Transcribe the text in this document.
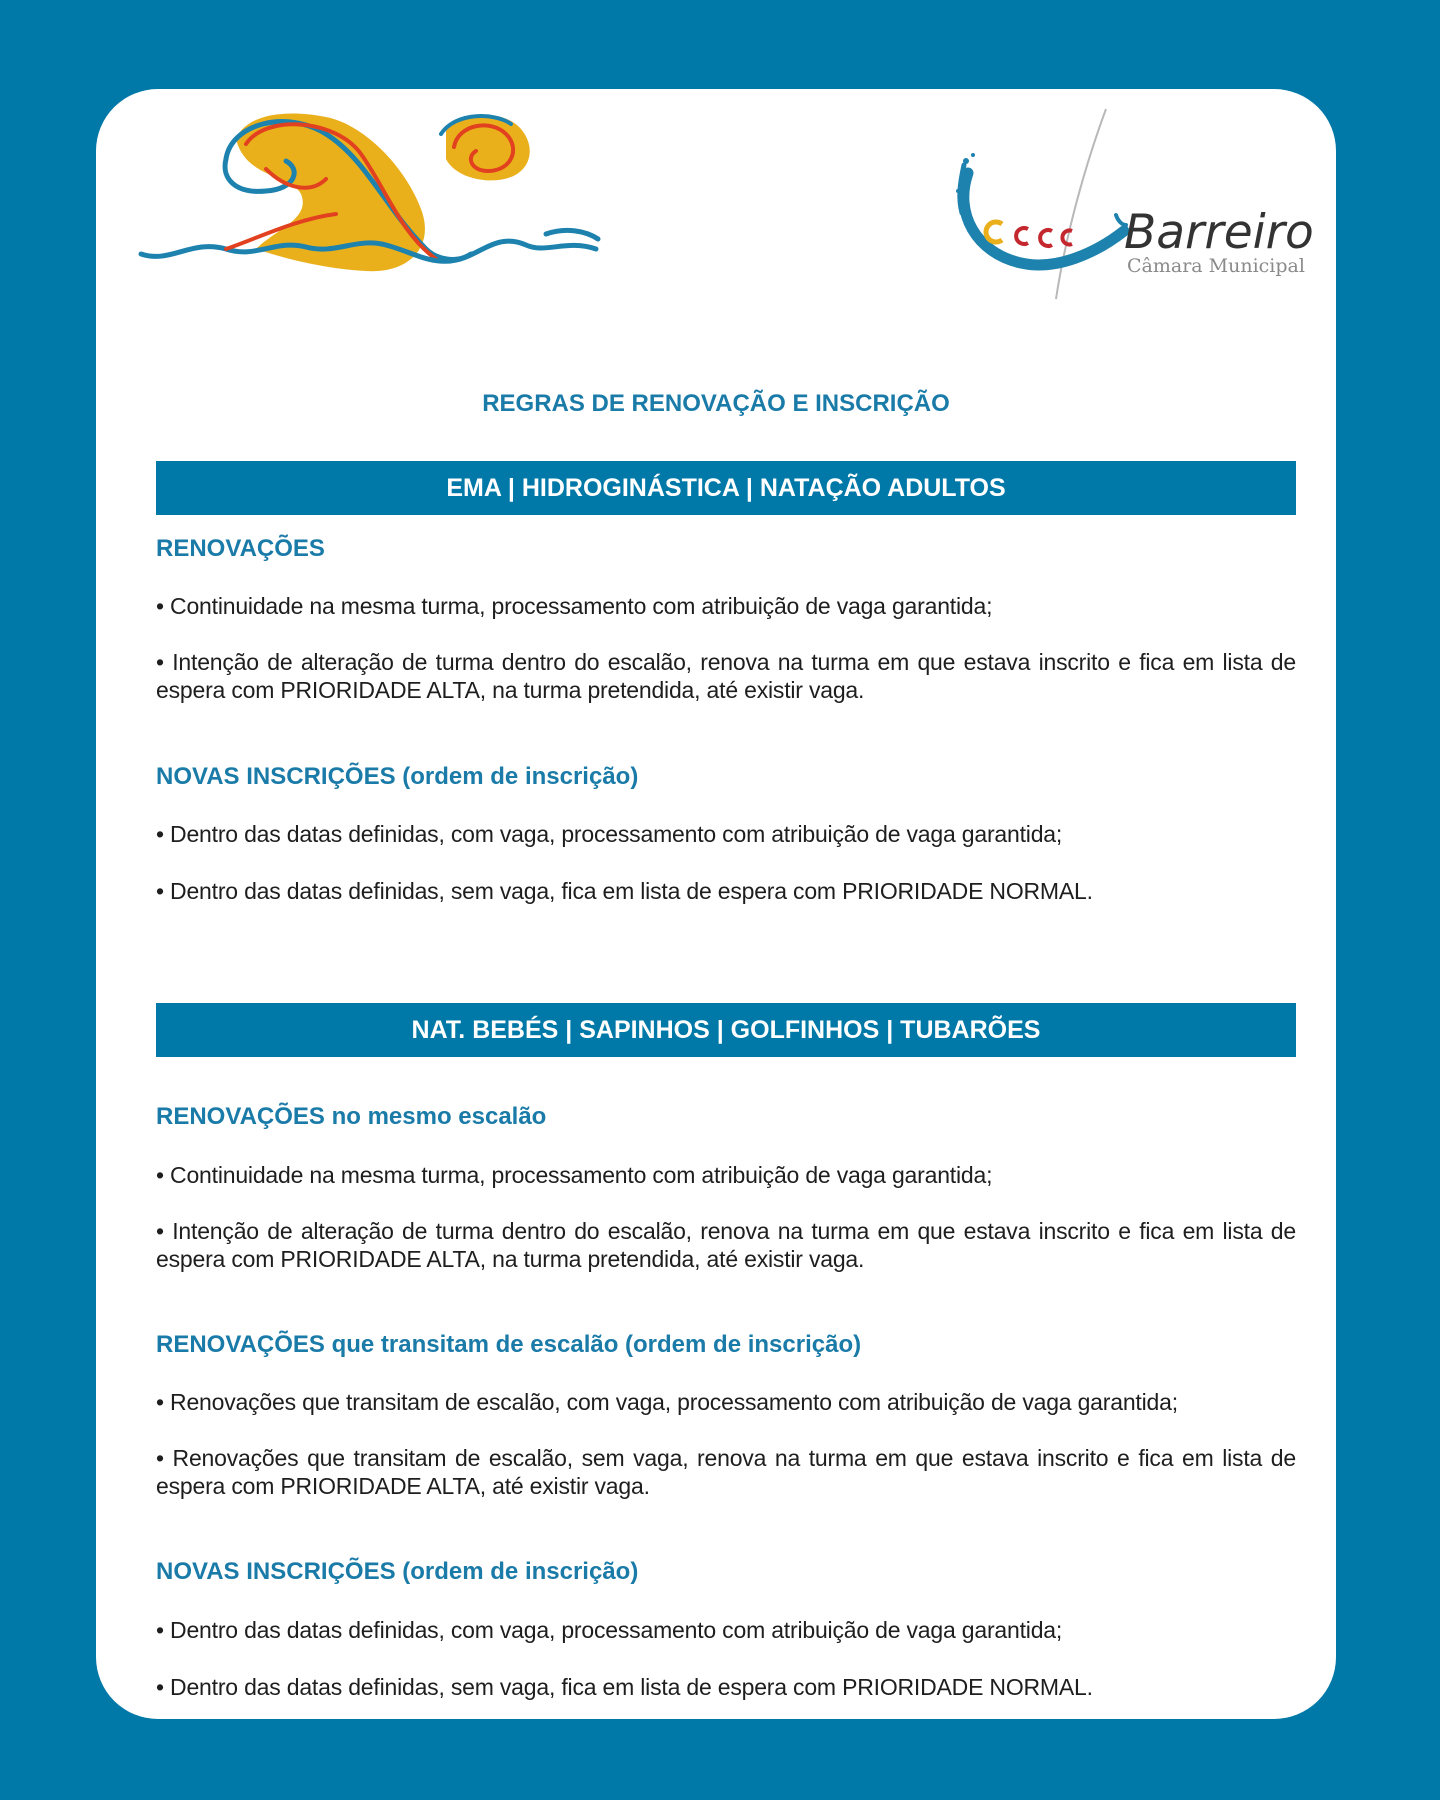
Barreiro
Câmara Municipal
REGRAS DE RENOVAÇÃO E INSCRIÇÃO
EMA | HIDROGINÁSTICA | NATAÇÃO ADULTOS
RENOVAÇÕES
• Continuidade na mesma turma, processamento com atribuição de vaga garantida;
• Intenção de alteração de turma dentro do escalão, renova na turma em que estava inscrito e fica em lista de espera com PRIORIDADE ALTA, na turma pretendida, até existir vaga.
NOVAS INSCRIÇÕES (ordem de inscrição)
• Dentro das datas definidas, com vaga, processamento com atribuição de vaga garantida;
• Dentro das datas definidas, sem vaga, fica em lista de espera com PRIORIDADE NORMAL.
NAT. BEBÉS | SAPINHOS | GOLFINHOS | TUBARÕES
RENOVAÇÕES no mesmo escalão
• Continuidade na mesma turma, processamento com atribuição de vaga garantida;
• Intenção de alteração de turma dentro do escalão, renova na turma em que estava inscrito e fica em lista de espera com PRIORIDADE ALTA, na turma pretendida, até existir vaga.
RENOVAÇÕES que transitam de escalão (ordem de inscrição)
• Renovações que transitam de escalão, com vaga, processamento com atribuição de vaga garantida;
• Renovações que transitam de escalão, sem vaga, renova na turma em que estava inscrito e fica em lista de espera com PRIORIDADE ALTA, até existir vaga.
NOVAS INSCRIÇÕES (ordem de inscrição)
• Dentro das datas definidas, com vaga, processamento com atribuição de vaga garantida;
• Dentro das datas definidas, sem vaga, fica em lista de espera com PRIORIDADE NORMAL.
